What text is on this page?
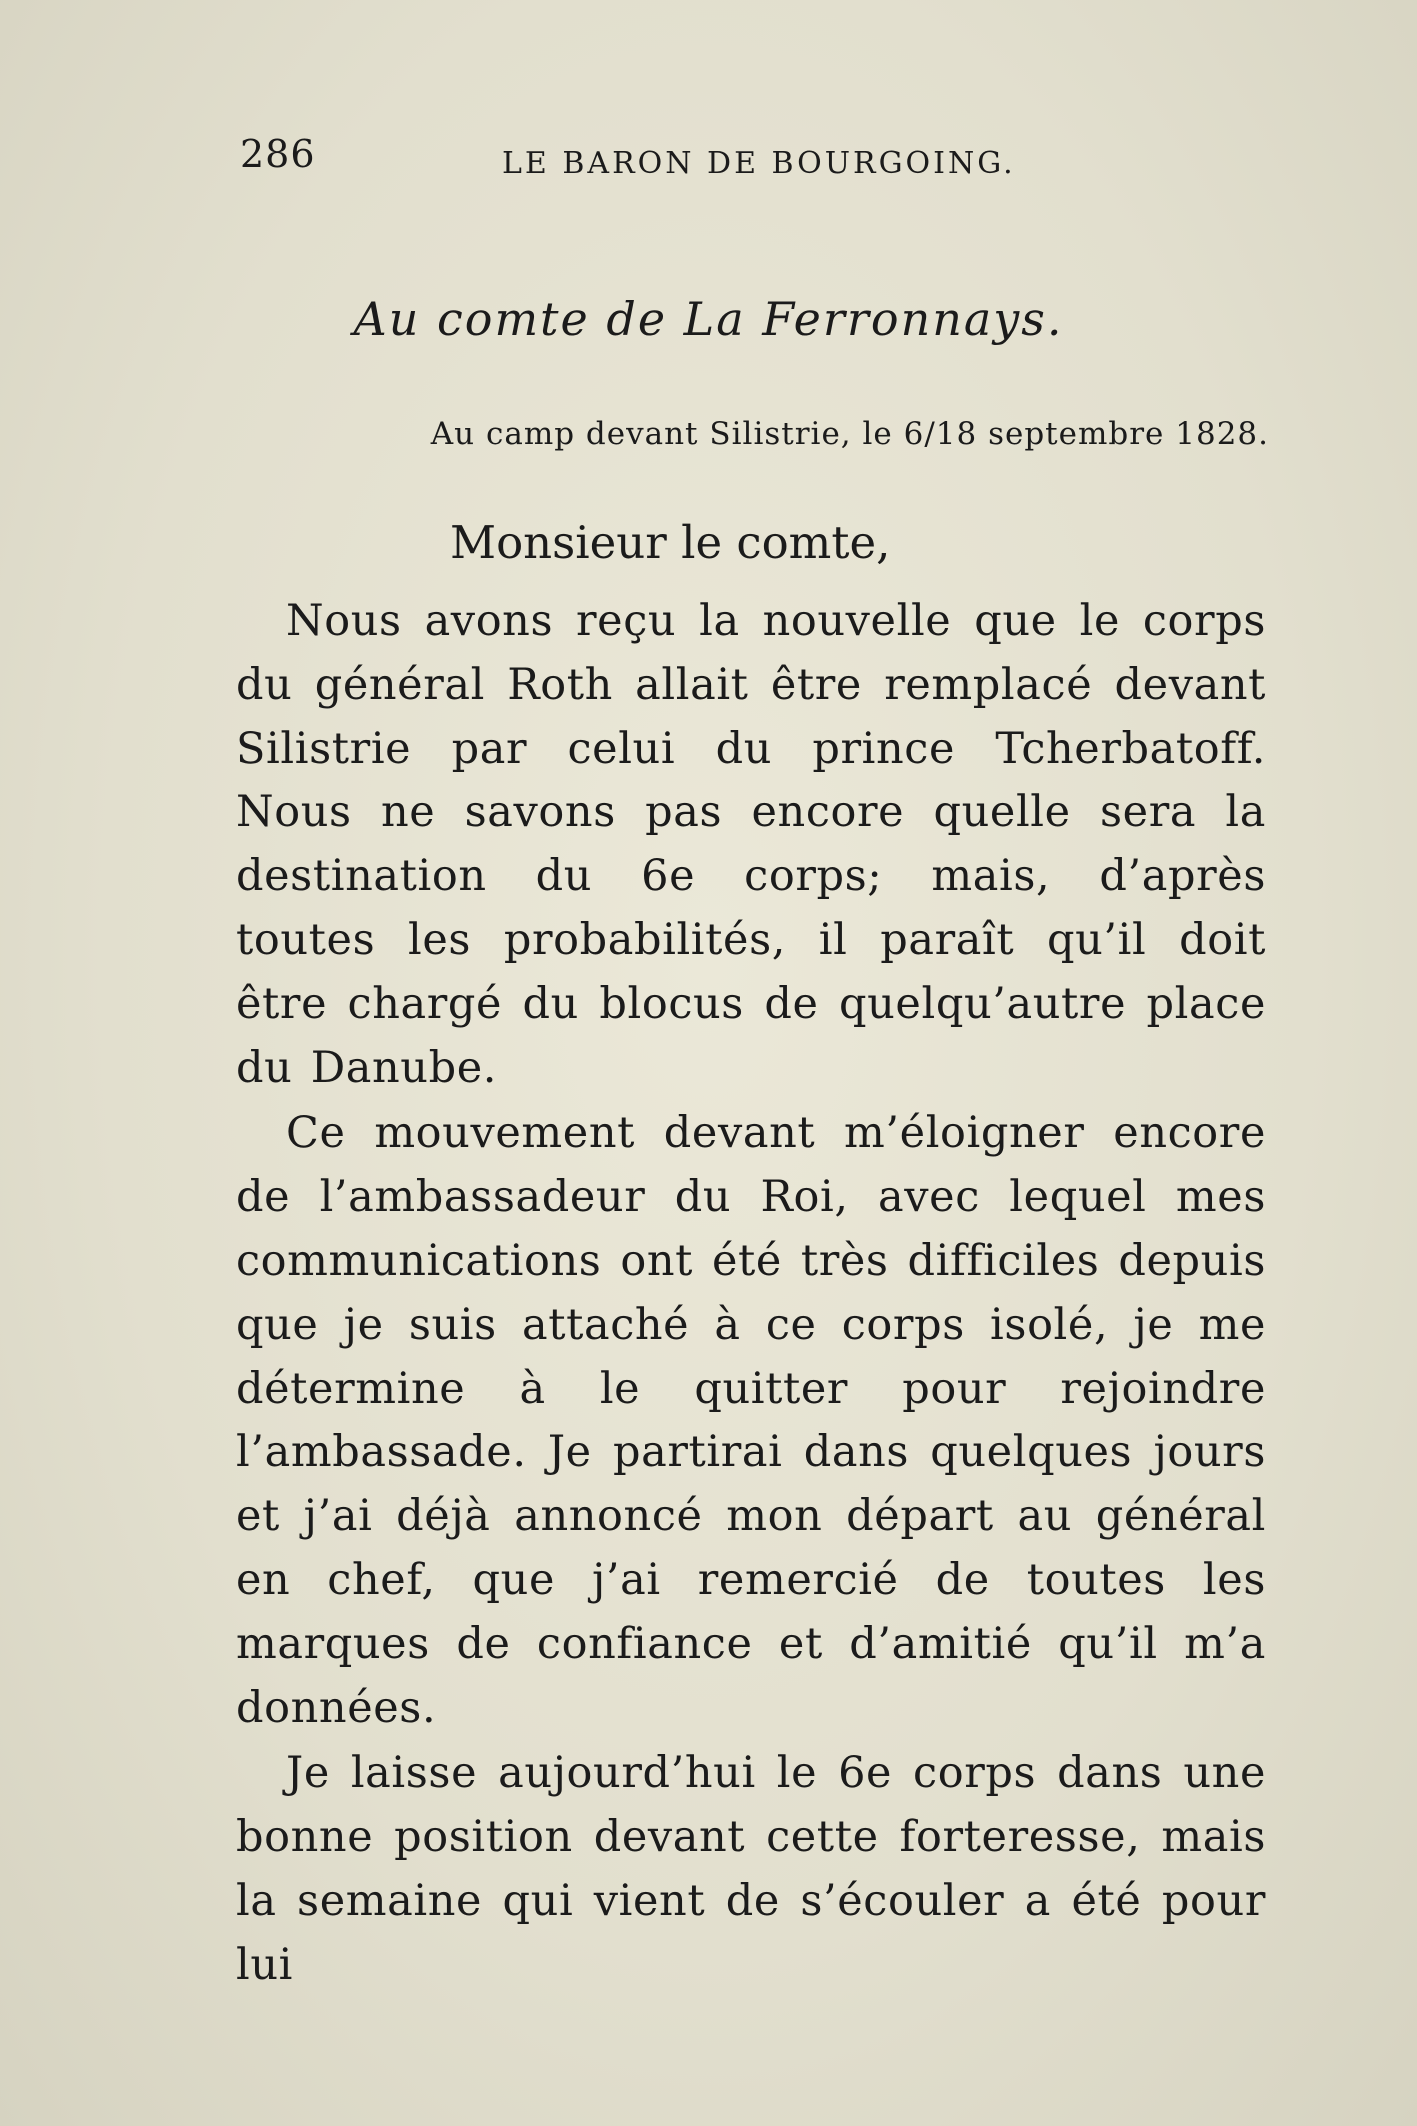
286	LE BARON DE BOURGOING.
Au comte de La Ferronnays.
Au camp devant Silistrie, le 6/18 septembre 1828.
Monsieur le comte,

Nous avons reçu la nouvelle que le corps du général Roth allait être remplacé devant Silistrie par celui du prince Tcherbatoff. Nous ne savons pas encore quelle sera la destination du 6e corps; mais, d’après toutes les probabilités, il paraît qu’il doit être chargé du blocus de quelqu’autre place du Danube.

Ce mouvement devant m’éloigner encore de l’ambassadeur du Roi, avec lequel mes communications ont été très difficiles depuis que je suis attaché à ce corps isolé, je me détermine à le quitter pour rejoindre l’ambassade. Je partirai dans quelques jours et j’ai déjà annoncé mon départ au général en chef, que j’ai remercié de toutes les marques de confiance et d’amitié qu’il m’a données.

Je laisse aujourd’hui le 6e corps dans une bonne position devant cette forteresse, mais la semaine qui vient de s’écouler a été pour lui
